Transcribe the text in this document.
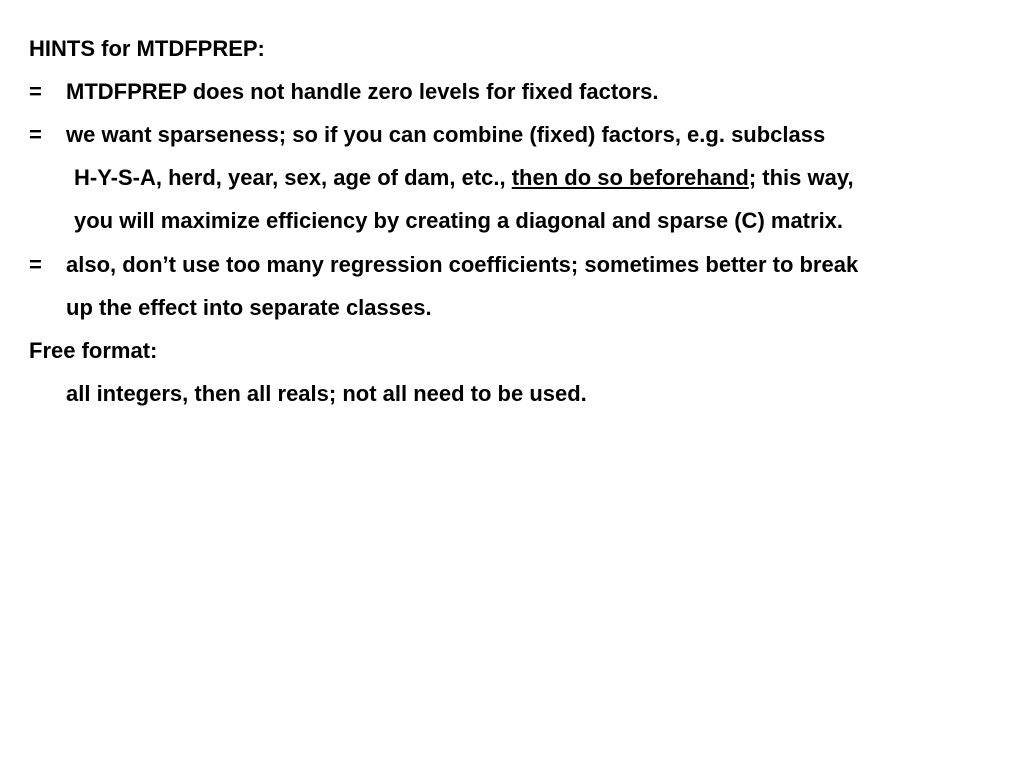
HINTS for MTDFPREP:
= MTDFPREP does not handle zero levels for fixed factors.
= we want sparseness; so if you can combine (fixed) factors, e.g. subclass
H-Y-S-A, herd, year, sex, age of dam, etc., then do so beforehand; this way,
you will maximize efficiency by creating a diagonal and sparse (C) matrix.
= also, don’t use too many regression coefficients; sometimes better to break
up the effect into separate classes.
Free format:
all integers, then all reals; not all need to be used.
